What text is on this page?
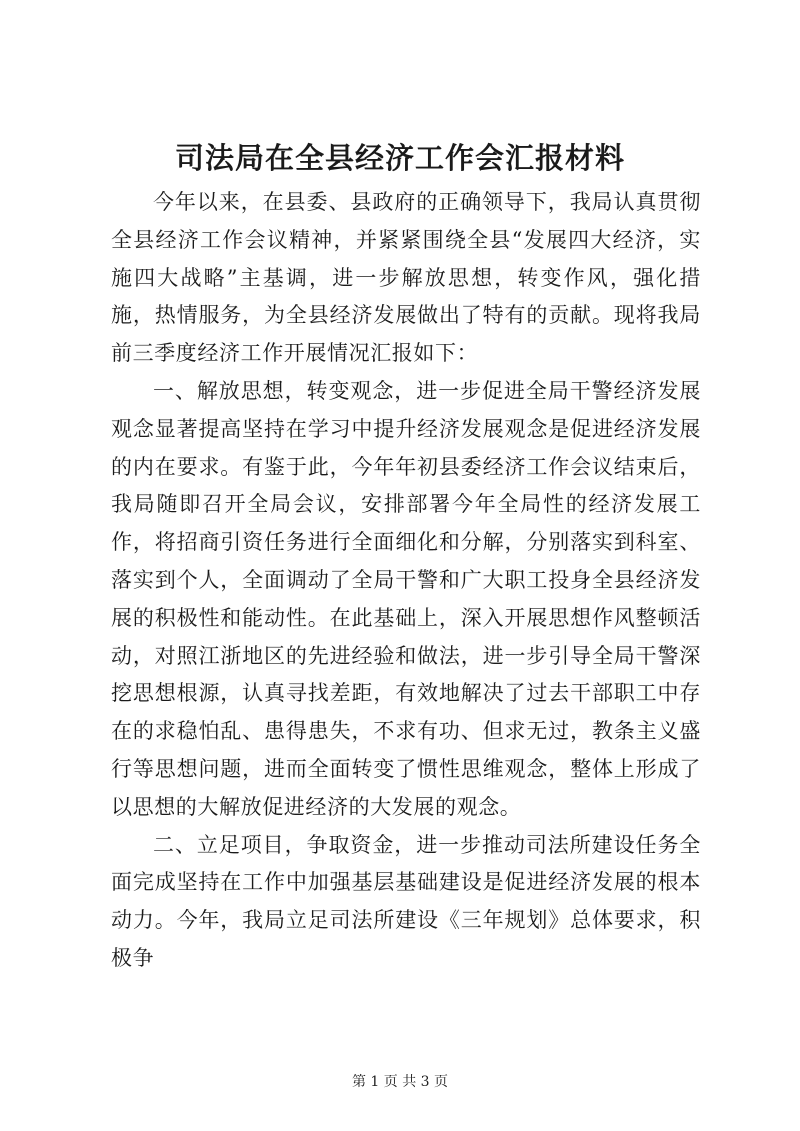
司法局在全县经济工作会汇报材料

今年以来，在县委、县政府的正确领导下，我局认真贯彻全县经济工作会议精神，并紧紧围绕全县“发展四大经济，实施四大战略”主基调，进一步解放思想，转变作风，强化措施，热情服务，为全县经济发展做出了特有的贡献。现将我局前三季度经济工作开展情况汇报如下：

一、解放思想，转变观念，进一步促进全局干警经济发展观念显著提高坚持在学习中提升经济发展观念是促进经济发展的内在要求。有鉴于此，今年年初县委经济工作会议结束后，我局随即召开全局会议，安排部署今年全局性的经济发展工作，将招商引资任务进行全面细化和分解，分别落实到科室、落实到个人，全面调动了全局干警和广大职工投身全县经济发展的积极性和能动性。在此基础上，深入开展思想作风整顿活动，对照江浙地区的先进经验和做法，进一步引导全局干警深挖思想根源，认真寻找差距，有效地解决了过去干部职工中存在的求稳怕乱、患得患失，不求有功、但求无过，教条主义盛行等思想问题，进而全面转变了惯性思维观念，整体上形成了以思想的大解放促进经济的大发展的观念。

二、立足项目，争取资金，进一步推动司法所建设任务全面完成坚持在工作中加强基层基础建设是促进经济发展的根本动力。今年，我局立足司法所建设《三年规划》总体要求，积极争

第 1 页 共 3 页
